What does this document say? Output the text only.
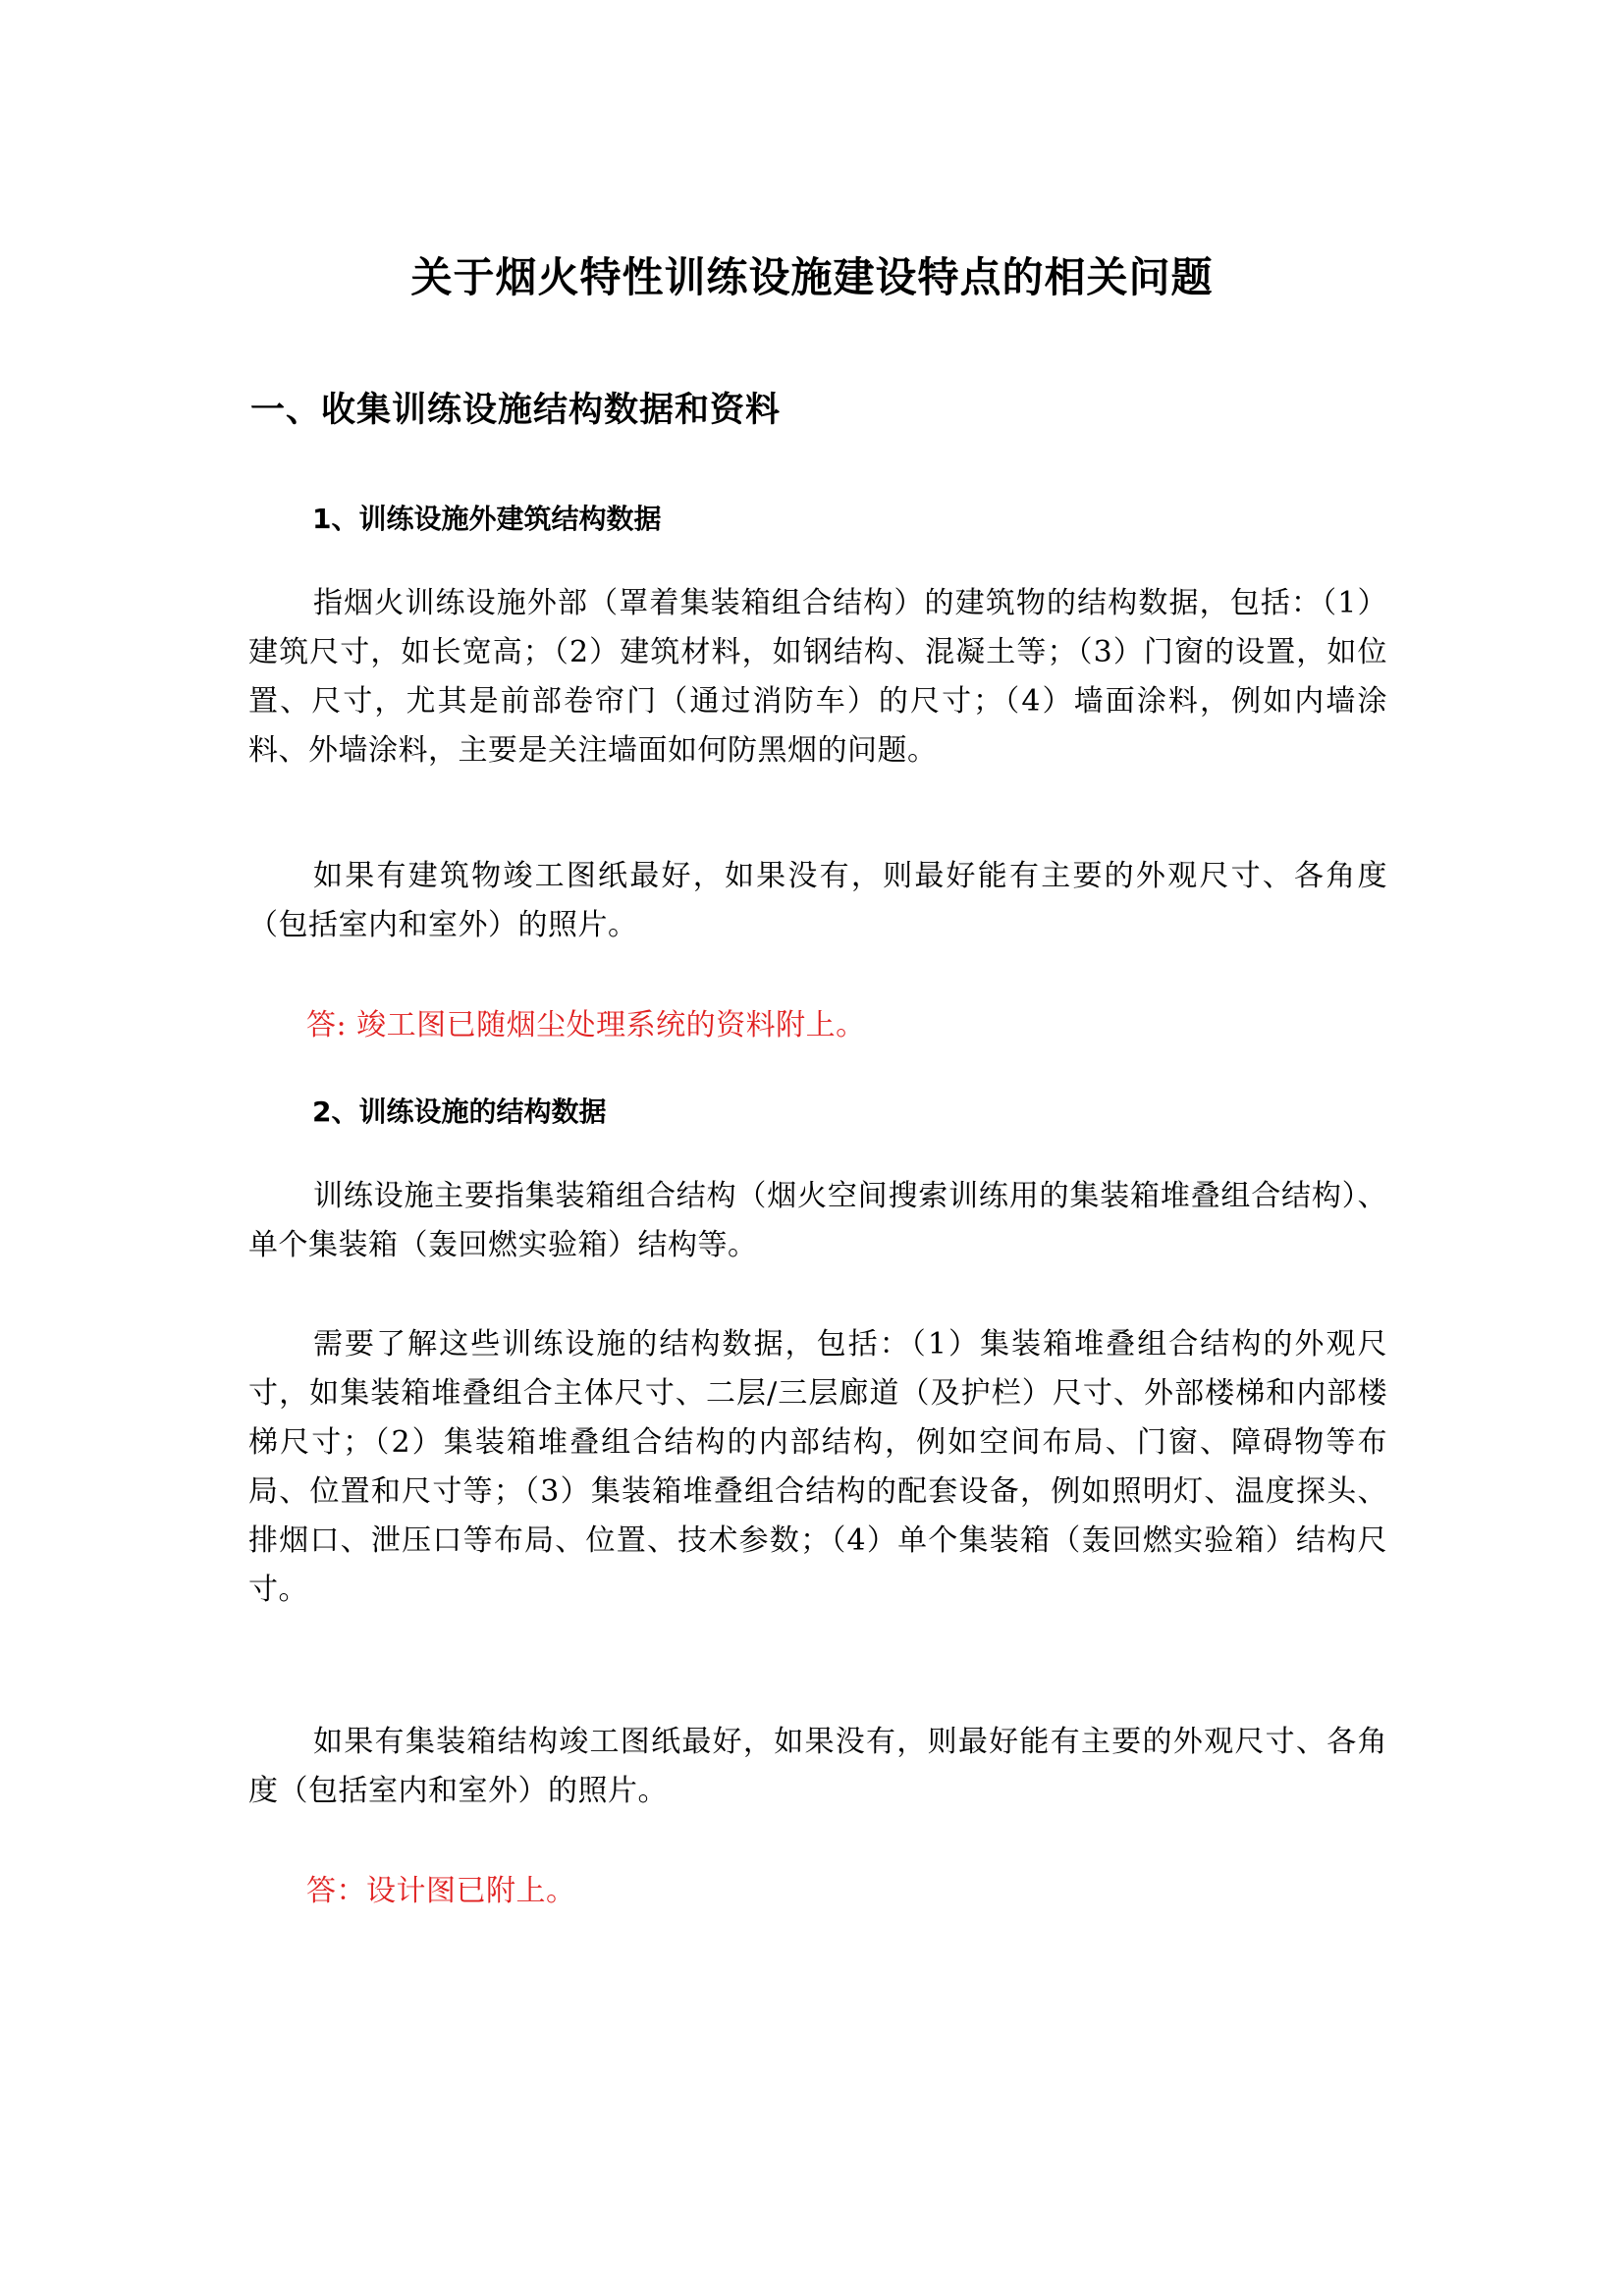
关于烟火特性训练设施建设特点的相关问题
一、收集训练设施结构数据和资料
1、训练设施外建筑结构数据

指烟火训练设施外部（罩着集装箱组合结构）的建筑物的结构数据，包括：（1）建筑尺寸，如长宽高；（2）建筑材料，如钢结构、混凝土等；（3）门窗的设置，如位置、尺寸，尤其是前部卷帘门（通过消防车）的尺寸；（4）墙面涂料，例如内墙涂料、外墙涂料，主要是关注墙面如何防黑烟的问题。

如果有建筑物竣工图纸最好，如果没有，则最好能有主要的外观尺寸、各角度（包括室内和室外）的照片。

答: 竣工图已随烟尘处理系统的资料附上。
2、训练设施的结构数据

训练设施主要指集装箱组合结构（烟火空间搜索训练用的集装箱堆叠组合结构）、单个集装箱（轰回燃实验箱）结构等。

需要了解这些训练设施的结构数据，包括：（1）集装箱堆叠组合结构的外观尺寸，如集装箱堆叠组合主体尺寸、二层/三层廊道（及护栏）尺寸、外部楼梯和内部楼梯尺寸；（2）集装箱堆叠组合结构的内部结构，例如空间布局、门窗、障碍物等布局、位置和尺寸等；（3）集装箱堆叠组合结构的配套设备，例如照明灯、温度探头、排烟口、泄压口等布局、位置、技术参数；（4）单个集装箱（轰回燃实验箱）结构尺寸。

如果有集装箱结构竣工图纸最好，如果没有，则最好能有主要的外观尺寸、各角度（包括室内和室外）的照片。

答：设计图已附上。
